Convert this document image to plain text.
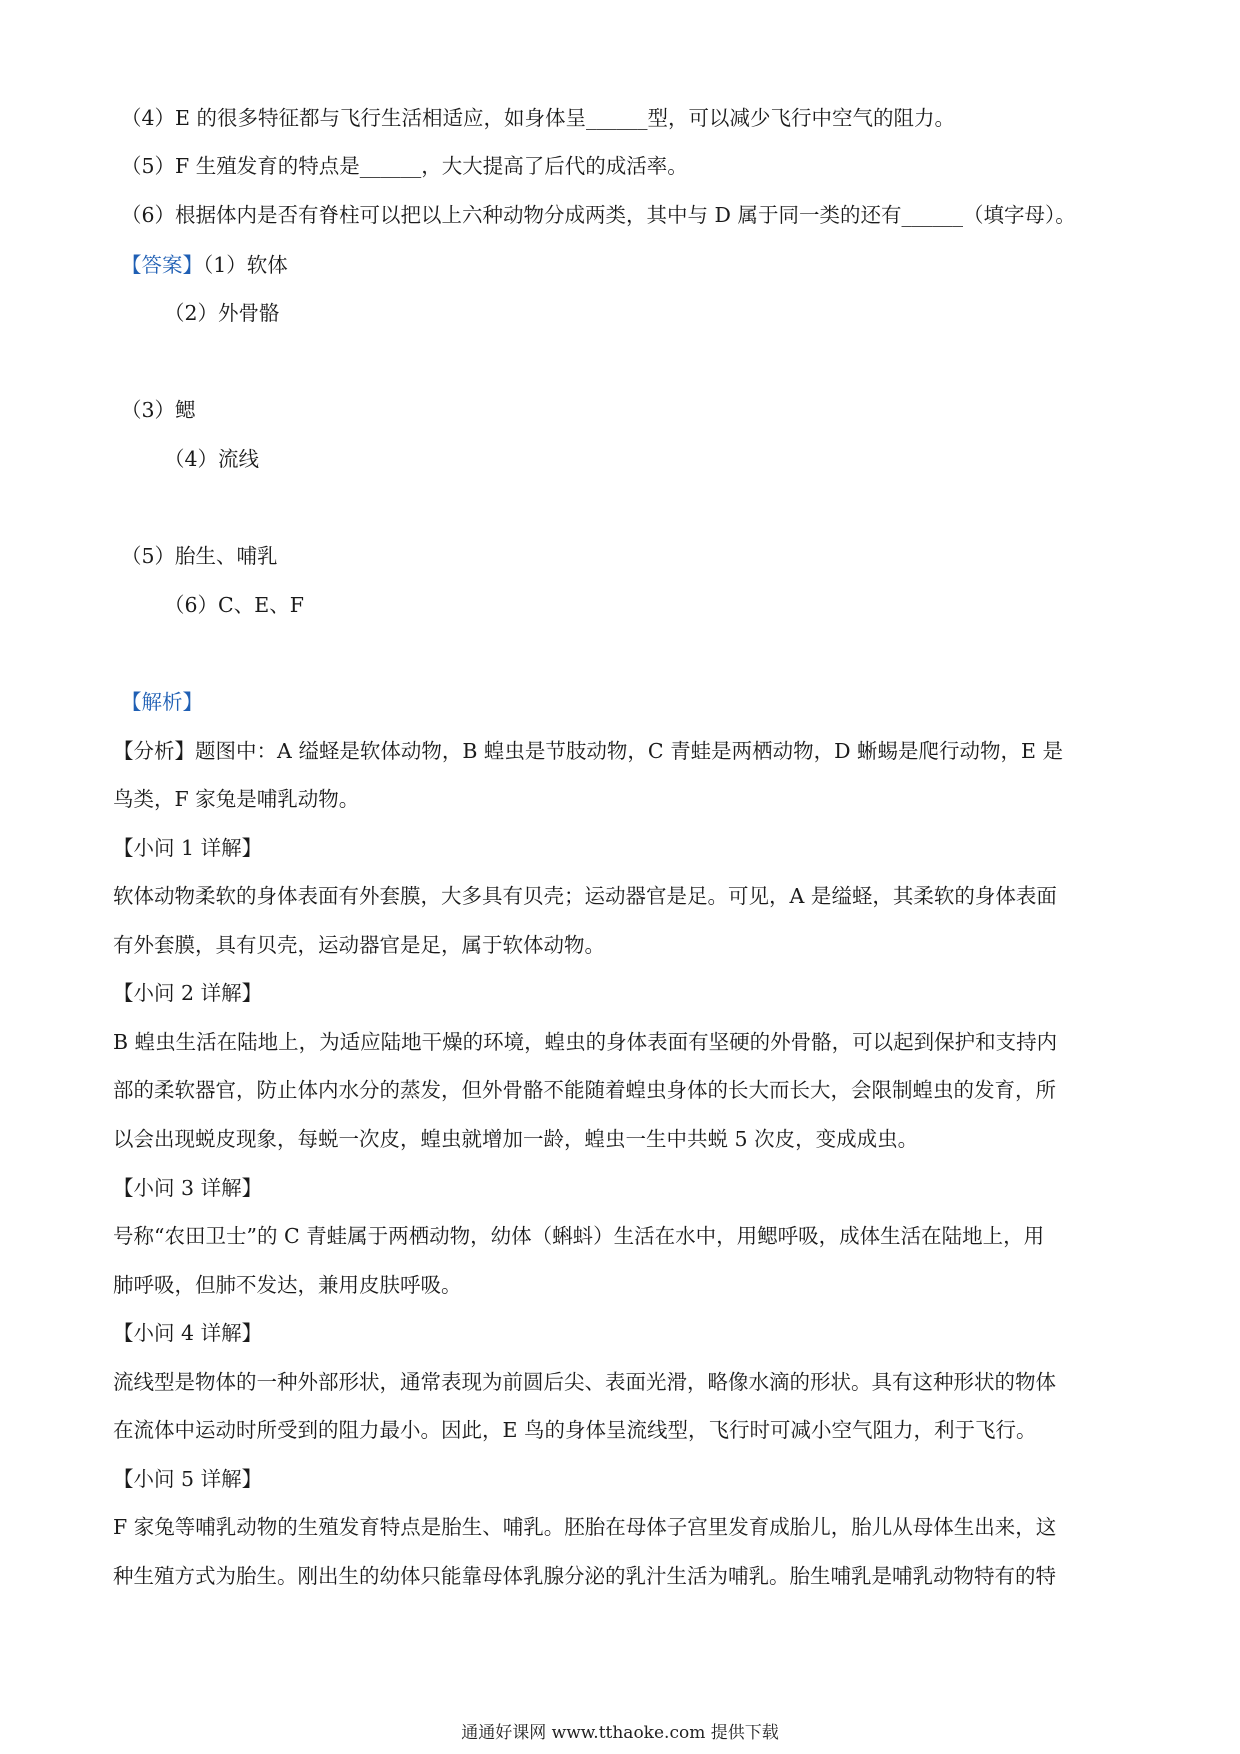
（4）E 的很多特征都与飞行生活相适应，如身体呈______型，可以减少飞行中空气的阻力。
（5）F 生殖发育的特点是______，大大提高了后代的成活率。
（6）根据体内是否有脊柱可以把以上六种动物分成两类，其中与 D 属于同一类的还有______（填字母）。
【答案】（1）软体
（2）外骨骼
（3）鳃
（4）流线
（5）胎生、哺乳
（6）C、E、F
【解析】
【分析】题图中：A 缢蛏是软体动物，B 蝗虫是节肢动物，C 青蛙是两栖动物，D 蜥蜴是爬行动物，E 是
鸟类，F 家兔是哺乳动物。
【小问 1 详解】
软体动物柔软的身体表面有外套膜，大多具有贝壳；运动器官是足。可见，A 是缢蛏，其柔软的身体表面
有外套膜，具有贝壳，运动器官是足，属于软体动物。
【小问 2 详解】
B 蝗虫生活在陆地上，为适应陆地干燥的环境，蝗虫的身体表面有坚硬的外骨骼，可以起到保护和支持内
部的柔软器官，防止体内水分的蒸发，但外骨骼不能随着蝗虫身体的长大而长大，会限制蝗虫的发育，所
以会出现蜕皮现象，每蜕一次皮，蝗虫就增加一龄，蝗虫一生中共蜕 5 次皮，变成成虫。
【小问 3 详解】
号称“农田卫士”的 C 青蛙属于两栖动物，幼体（蝌蚪）生活在水中，用鳃呼吸，成体生活在陆地上，用
肺呼吸，但肺不发达，兼用皮肤呼吸。
【小问 4 详解】
流线型是物体的一种外部形状，通常表现为前圆后尖、表面光滑，略像水滴的形状。具有这种形状的物体
在流体中运动时所受到的阻力最小。因此，E 鸟的身体呈流线型，飞行时可减小空气阻力，利于飞行。
【小问 5 详解】
F 家兔等哺乳动物的生殖发育特点是胎生、哺乳。胚胎在母体子宫里发育成胎儿，胎儿从母体生出来，这
种生殖方式为胎生。刚出生的幼体只能靠母体乳腺分泌的乳汁生活为哺乳。胎生哺乳是哺乳动物特有的特
通通好课网 www.tthaoke.com 提供下载
